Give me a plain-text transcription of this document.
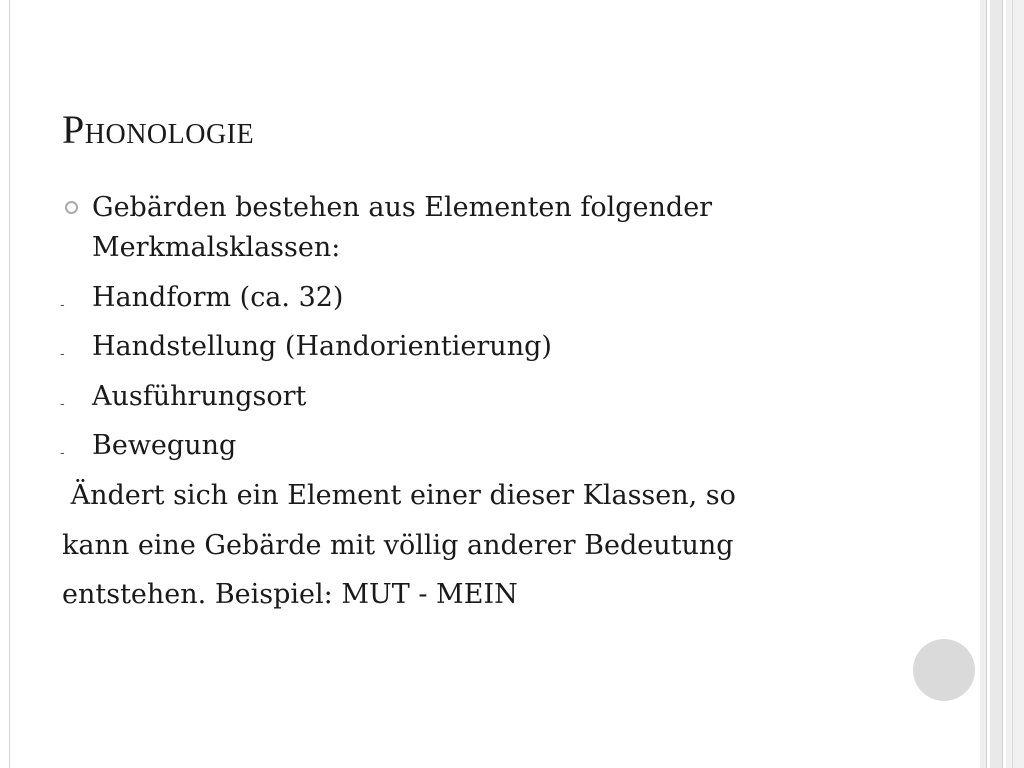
Phonologie
Gebärden bestehen aus Elementen folgender Merkmalsklassen:
- Handform (ca. 32)
- Handstellung (Handorientierung)
- Ausführungsort
- Bewegung
Ändert sich ein Element einer dieser Klassen, so
kann eine Gebärde mit völlig anderer Bedeutung
entstehen. Beispiel: MUT - MEIN
